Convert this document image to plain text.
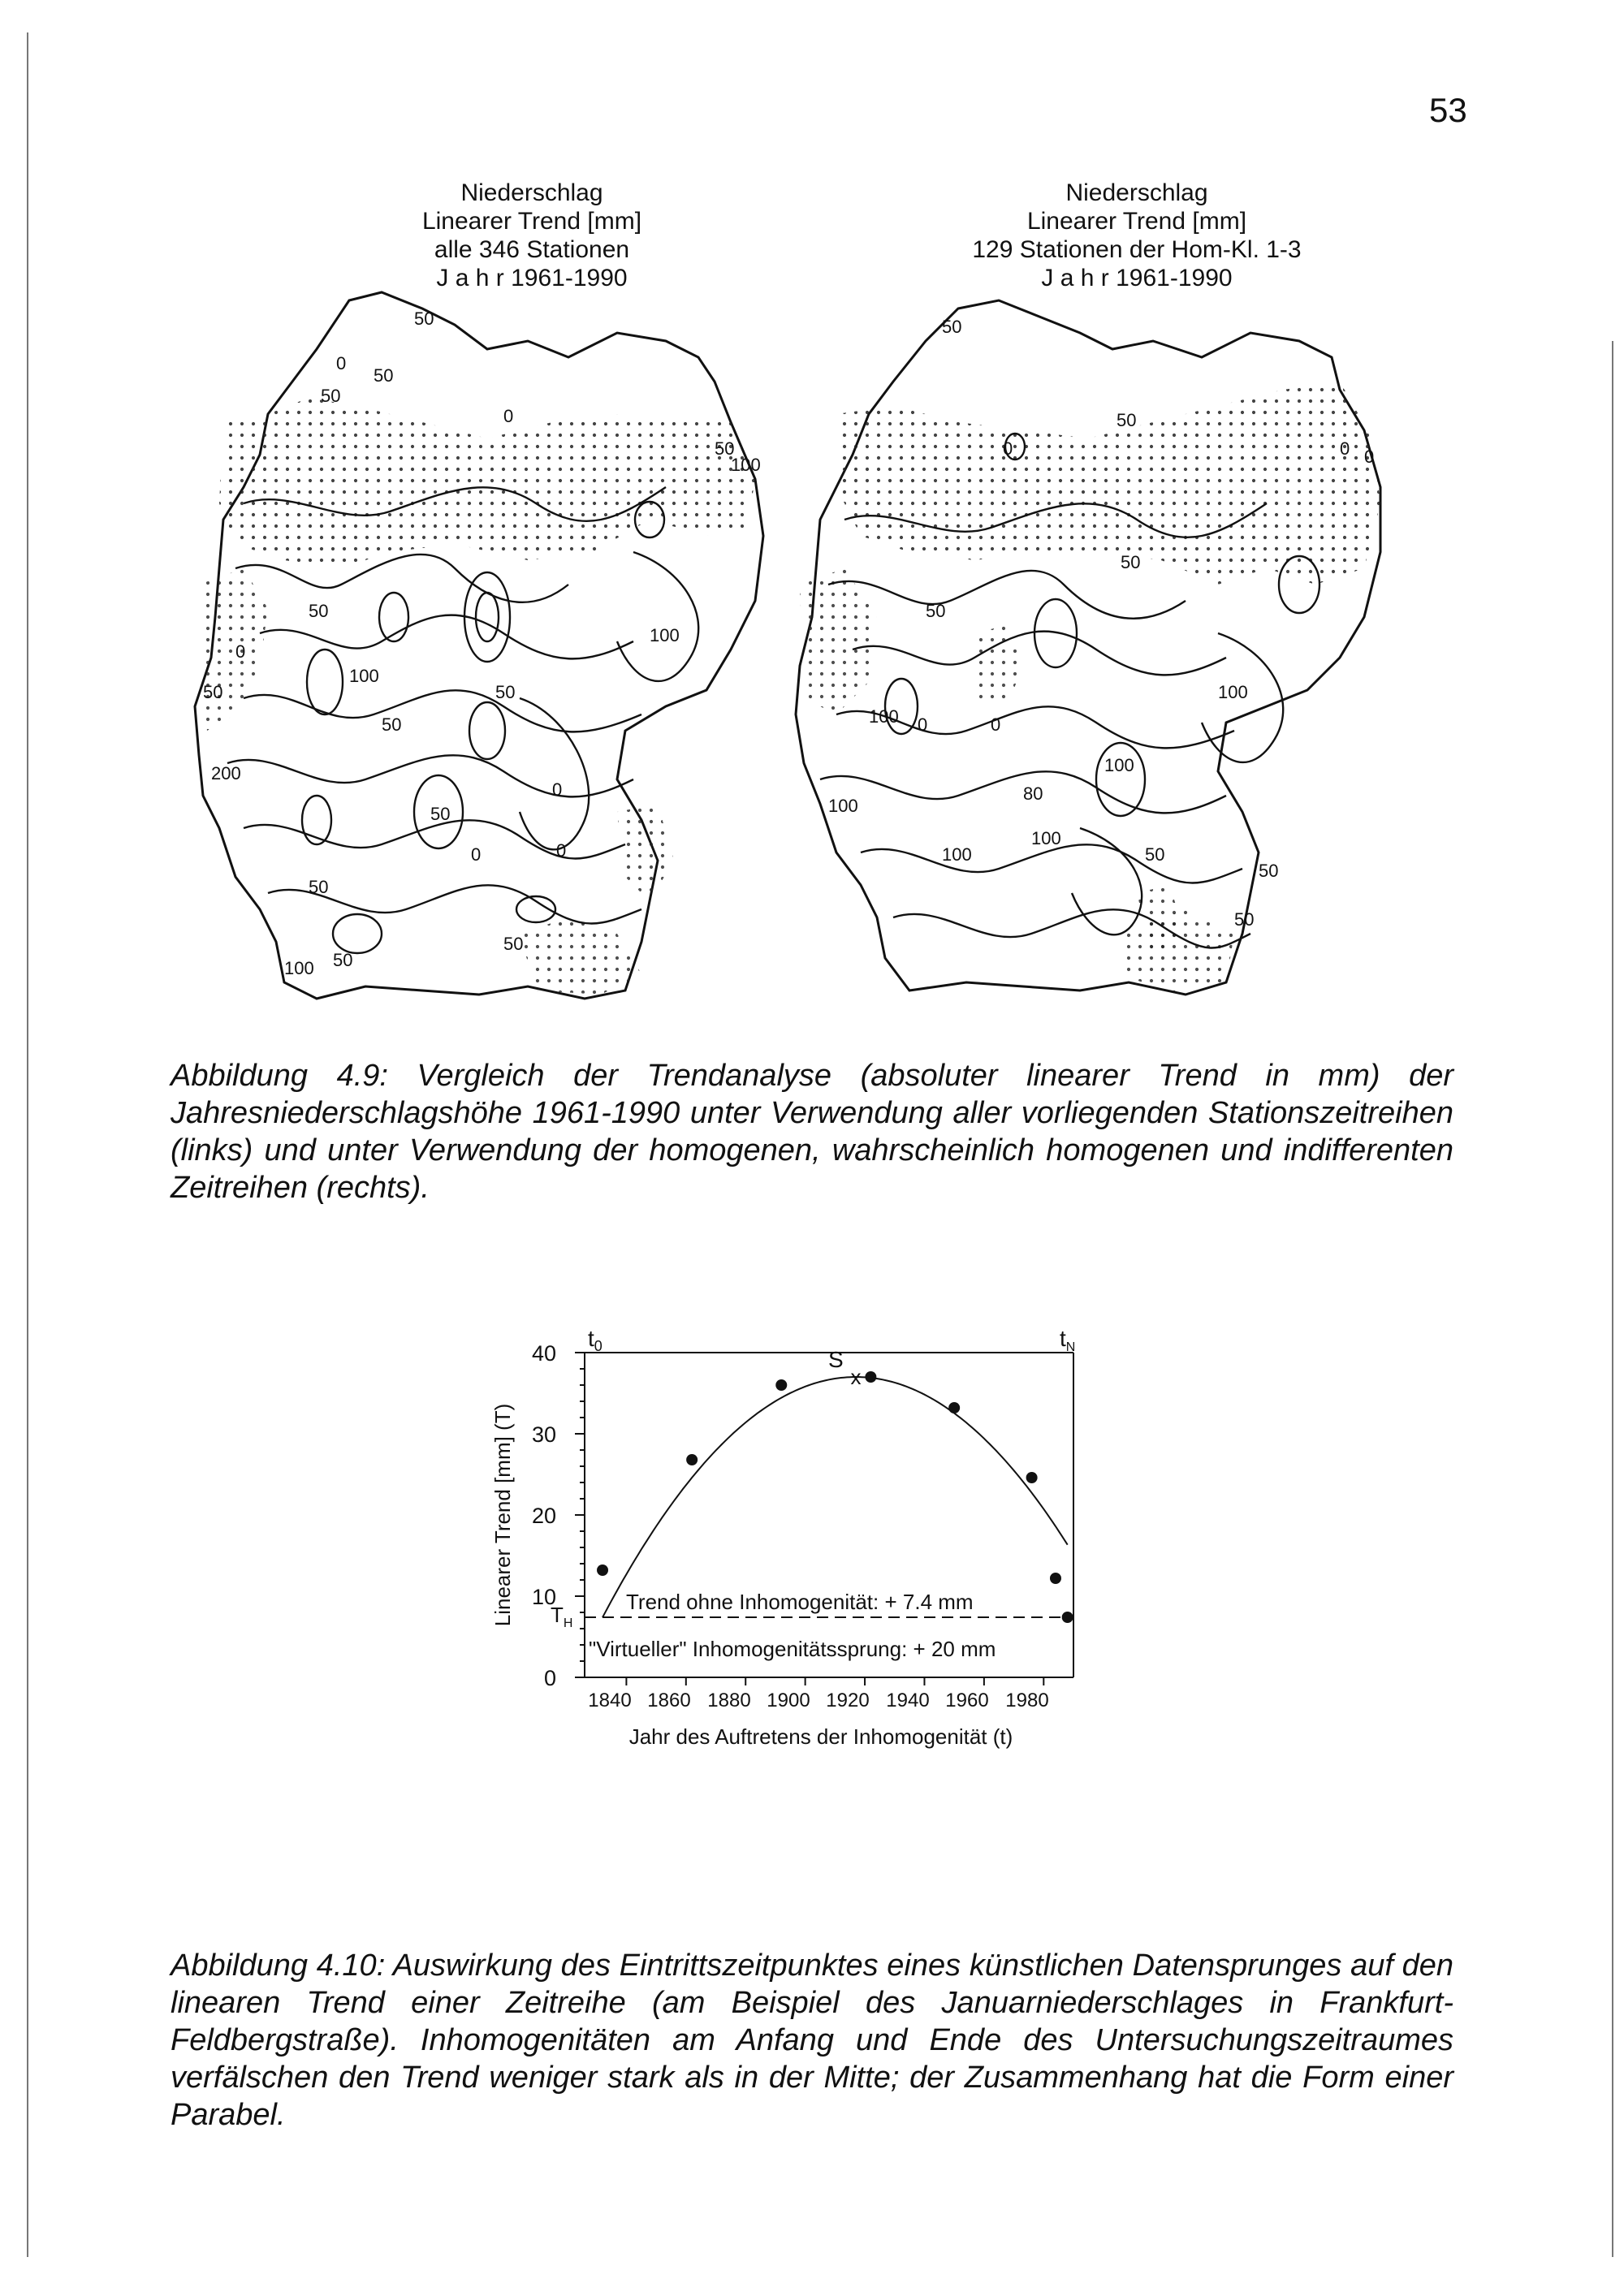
53
Niederschlag
Linearer Trend [mm]
alle 346 Stationen
J a h r 1961-1990
Niederschlag
Linearer Trend [mm]
129 Stationen der Hom-Kl. 1-3
J a h r 1961-1990
50
50
0
50
0
50
100
50
0
50
100
200
50
50
0
100
50
0
50
50
100
50
0
50
0
50
0
50
50
0
100	0
100
100
80
100
100
50
50
50
0
100
Abbildung 4.9: Vergleich der Trendanalyse (absoluter linearer Trend in mm) der Jahresniederschlagshöhe 1961-1990 unter Verwendung aller vorliegenden Stationszeitreihen (links) und unter Verwendung der homogenen, wahrscheinlich homogenen und indifferenten Zeitreihen (rechts).
0
10
20
30
40
1840 1860 1880 1900 1920 1940 1960 1980
Jahr des Auftretens der Inhomogenität (t)
Linearer Trend [mm] (T)
$t_0$	$t_N$
$T_H$
Trend ohne Inhomogenität: + 7.4 mm
"Virtueller" Inhomogenitätssprung: + 20 mm
S
x
Abbildung 4.10: Auswirkung des Eintrittszeitpunktes eines künstlichen Datensprunges auf den linearen Trend einer Zeitreihe (am Beispiel des Januarniederschlages in Frankfurt-Feldbergstraße). Inhomogenitäten am Anfang und Ende des Untersuchungszeitraumes verfälschen den Trend weniger stark als in der Mitte; der Zusammenhang hat die Form einer Parabel.
